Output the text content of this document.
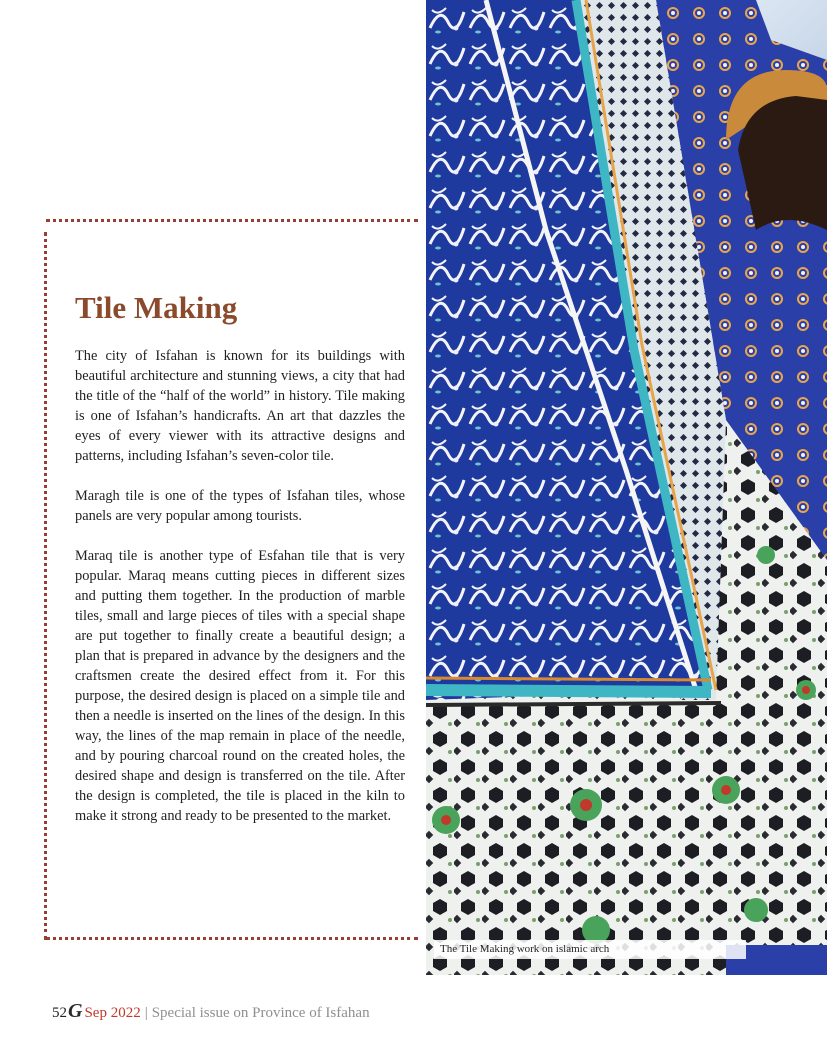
Tile Making

The city of Isfahan is known for its buildings with beautiful architecture and stunning views, a city that had the title of the “half of the world” in history. Tile making is one of Isfahan’s handicrafts. An art that dazzles the eyes of every viewer with its attractive designs and patterns, including Isfahan’s seven-color tile.

Maragh tile is one of the types of Isfahan tiles, whose panels are very popular among tourists.

Maraq tile is another type of Esfahan tile that is very popular. Maraq means cutting pieces in different sizes and putting them together. In the production of marble tiles, small and large pieces of tiles with a special shape are put together to finally create a beautiful design; a plan that is prepared in advance by the designers and the craftsmen create the desired effect from it. For this purpose, the desired design is placed on a simple tile and then a needle is inserted on the lines of the design. In this way, the lines of the map remain in place of the needle, and by pouring charcoal round on the created holes, the desired shape and design is transferred on the tile. After the design is completed, the tile is placed in the kiln to make it strong and ready to be presented to the market.

The Tile Making work on islamic arch
52G Sep 2022 | Special issue on Province of Isfahan
